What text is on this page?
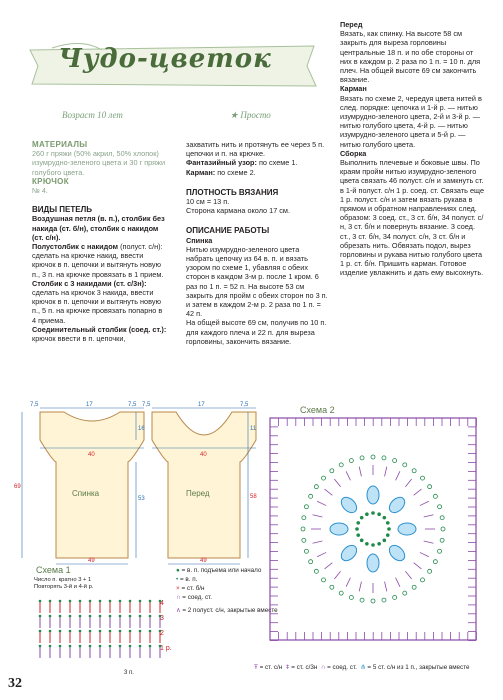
Чудо-цветок
Возраст 10 лет	★ Просто

МАТЕРИАЛЫ

260 г пряжи (50% акрил, 50% хлопок) изумрудно-зеленого цвета и 30 г пряжи голубого цвета.

КРЮЧОК

№ 4.

ВИДЫ ПЕТЕЛЬ

Воздушная петля (в. п.), столбик без накида (ст. б/н), столбик с накидом (ст. с/н).

Полустолбик с накидом (полуст. с/н): сделать на крючке накид, ввести крючок в п. цепочки и вытянуть новую п., 3 п. на крючке провязать в 1 прием.

Столбик с 3 накидами (ст. с/3н): сделать на крючок 3 накида, ввести крючок в п. цепочки и вытянуть новую п., 5 п. на крючке провязать попарно в 4 приема.

Соединительный столбик (соед. ст.): крючок ввести в п. цепочки,

захватить нить и протянуть ее через 5 п. цепочки и п. на крючке.

Фантазийный узор: по схеме 1.

Карман: по схеме 2.

ПЛОТНОСТЬ ВЯЗАНИЯ

10 см = 13 п.

Сторона кармана около 17 см.

ОПИСАНИЕ РАБОТЫ

Спинка

Нитью изумрудно-зеленого цвета набрать цепочку из 64 в. п. и вязать узором по схеме 1, убавляя с обеих сторон в каждом 3-м р. после 1 кром. 6 раз по 1 п. = 52 п. На высоте 53 см закрыть для пройм с обеих сторон по 3 п. и затем в каждом 2-м р. 2 раза по 1 п. = 42 п.

На общей высоте 69 см, получив по 10 п. для каждого плеча и 22 п. для выреза горловины, закончить вязание.

Перед

Вязать, как спинку. На высоте 58 см закрыть для выреза горловины центральные 18 п. и по обе стороны от них в каждом р. 2 раза по 1 п. = 10 п. для плеч. На общей высоте 69 см закончить вязание.

Карман

Вязать по схеме 2, чередуя цвета нитей в след. порядке: цепочка и 1-й р. — нитью изумрудно-зеленого цвета, 2-й и 3-й р. — нитью голубого цвета, 4-й р. — нитью изумрудно-зеленого цвета и 5-й р. — нитью голубого цвета.

Сборка

Выполнить плечевые и боковые швы. По краям пройм нитью изумрудно-зеленого цвета связать 46 полуст. с/н и замкнуть ст. в 1-й полуст. с/н 1 р. соед. ст. Связать еще 1 р. полуст. с/н и затем вязать рукава в прямом и обратном направлениях след. образом: 3 соед. ст., 3 ст. б/н, 34 полуст. с/н, 3 ст. б/н и повернуть вязание. 3 соед. ст., 3 ст. б/н, 34 полуст. с/н, 3 ст. б/н и обрезать нить. Обвязать подол, вырез горловины и рукава нитью голубого цвета 1 р. ст. б/н. Пришить карман. Готовое изделие увлажнить и дать ему высохнуть.

7,5	17	7,5 7,5	17	7,5
40	40
49	49
69
53
16
58
11
Спинка	Перед
Схема 1
Число п. кратно 3 + 1
Повторять 3-й и 4-й р.
4
3
2
1 р.
3 п.
● = в. п. подъема или начало
• = в. п.
× = ст. б/н
∩ = соед. ст.
∧ = 2 полуст. с/н, закрытые вместе
Ŧ = ст. с/н ǂ = ст. с/3н ∩ = соед. ст. ⋔ = 5 ст. с/н из 1 п., закрытые вместе
Схема 2
32
